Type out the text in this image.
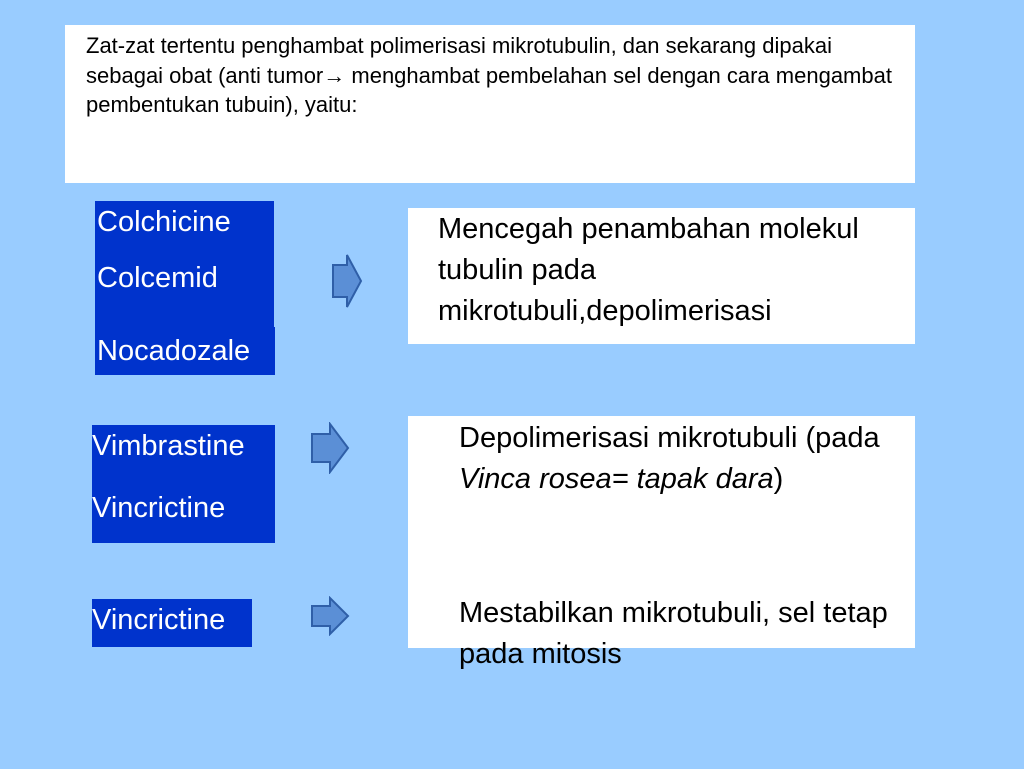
Zat-zat tertentu penghambat polimerisasi mikrotubulin, dan sekarang dipakai sebagai obat (anti tumor→ menghambat pembelahan sel dengan cara mengambat pembentukan tubuin), yaitu:
Colchicine
Colcemid
Nocadozale
Mencegah penambahan molekul tubulin pada mikrotubuli,depolimerisasi
Vimbrastine
Vincrictine
Depolimerisasi mikrotubuli (pada Vinca rosea= tapak dara)
Vincrictine	Mestabilkan mikrotubuli, sel tetap pada mitosis
